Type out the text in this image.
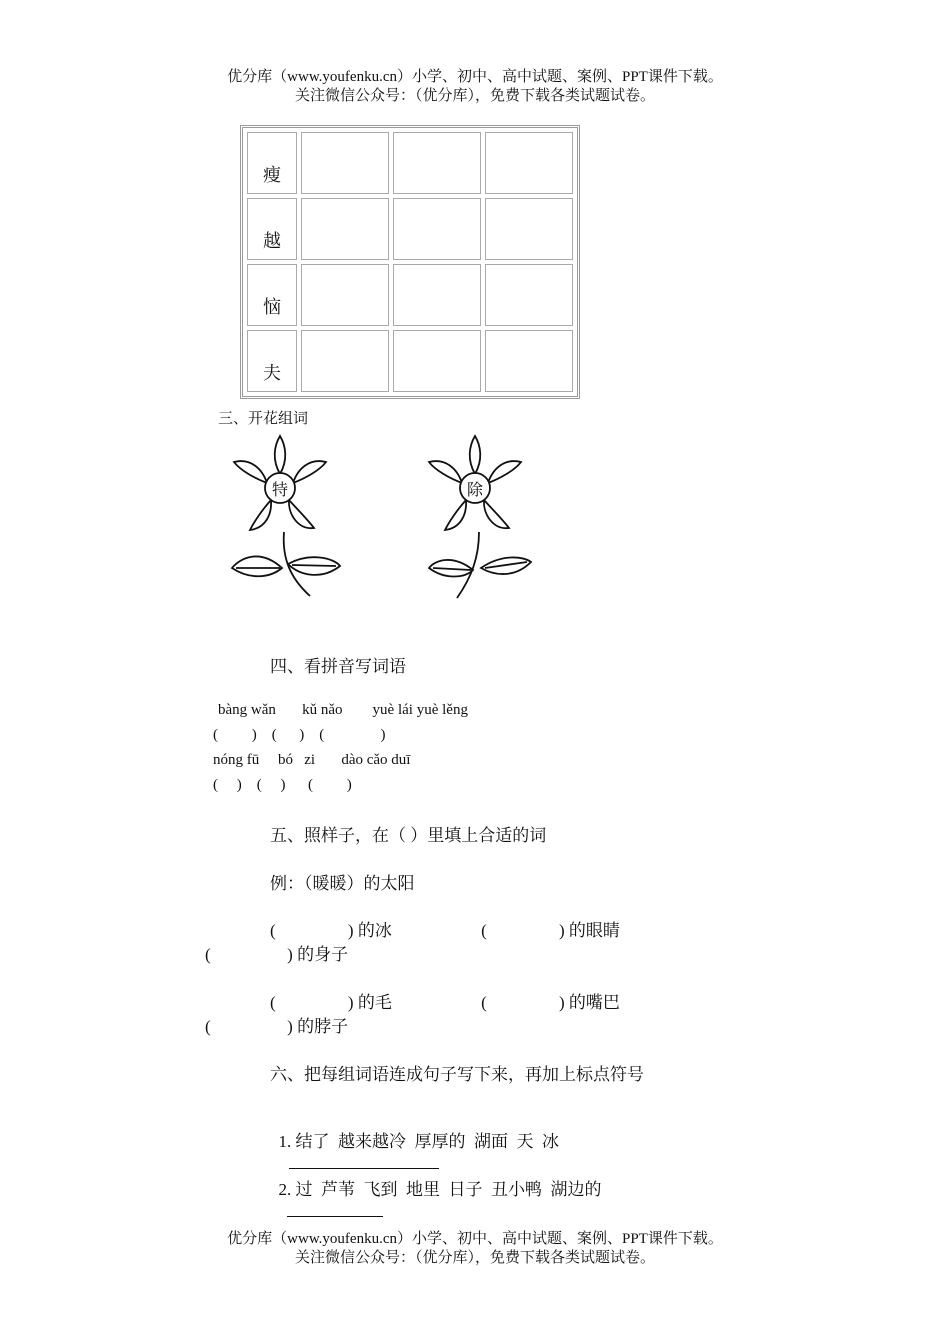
优分库（www.youfenku.cn）小学、初中、高中试题、案例、PPT课件下载。
关注微信公众号：（优分库），免费下载各类试题试卷。
瘦			
越			
恼			
夫			
三、开花组词
特	除
四、看拼音写词语
bàng wǎn       kǔ nǎo        yuè lái yuè lěng
(         )    (      )    (               )
nóng fū     bó   zi       dào cǎo duī
(     )    (     )      (         )
五、照样子，在（ ）里填上合适的词
例：（暖暖）的太阳
(                 ) 的冰                     (                 ) 的眼睛
(                  ) 的身子
(                 ) 的毛                     (                 ) 的嘴巴
(                  ) 的脖子
六、把每组词语连成句子写下来，再加上标点符号

1. 结了  越来越冷  厚厚的  湖面  天  冰

2. 过  芦苇  飞到  地里  日子  丑小鸭  湖边的

优分库（www.youfenku.cn）小学、初中、高中试题、案例、PPT课件下载。
关注微信公众号：（优分库），免费下载各类试题试卷。
